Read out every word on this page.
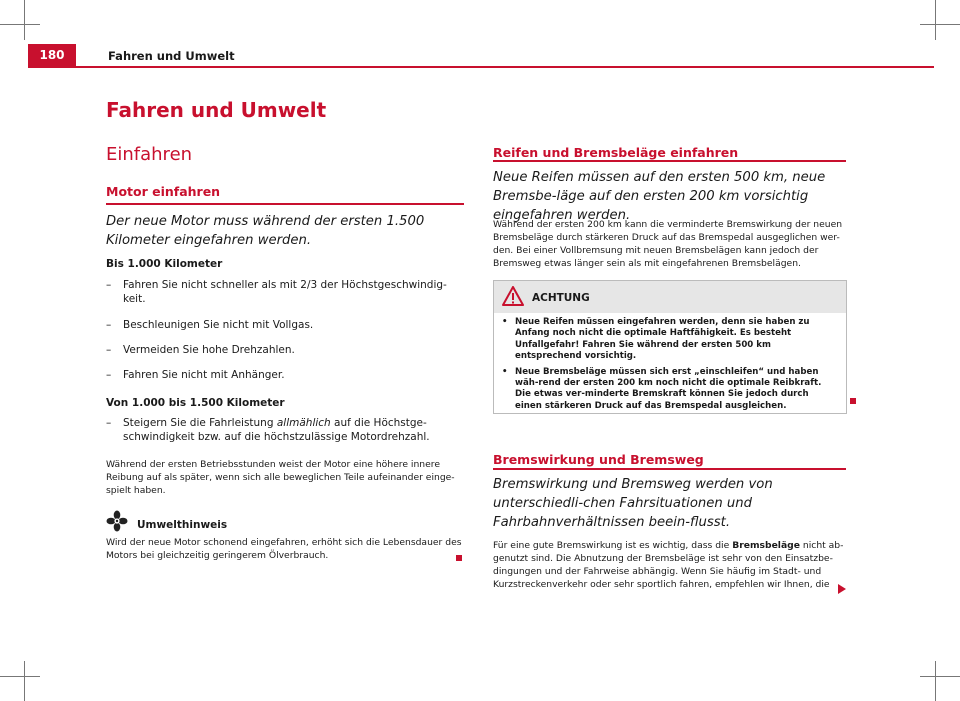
180	Fahren und Umwelt
Fahren und Umwelt
Einfahren
Motor einfahren
Der neue Motor muss während der ersten 1.500 Kilometer eingefahren werden.
Bis 1.000 Kilometer
–	Fahren Sie nicht schneller als mit 2/3 der Höchstgeschwindig-keit.
–	Beschleunigen Sie nicht mit Vollgas.
–	Vermeiden Sie hohe Drehzahlen.
–	Fahren Sie nicht mit Anhänger.
Von 1.000 bis 1.500 Kilometer
–	Steigern Sie die Fahrleistung allmählich auf die Höchstge-schwindigkeit bzw. auf die höchstzulässige Motordrehzahl.
Während der ersten Betriebsstunden weist der Motor eine höhere innere Reibung auf als später, wenn sich alle beweglichen Teile aufeinander einge-spielt haben.
Umwelthinweis
Wird der neue Motor schonend eingefahren, erhöht sich die Lebensdauer des Motors bei gleichzeitig geringerem Ölverbrauch.
Reifen und Bremsbeläge einfahren
Neue Reifen müssen auf den ersten 500 km, neue Bremsbe-läge auf den ersten 200 km vorsichtig eingefahren werden.
Während der ersten 200 km kann die verminderte Bremswirkung der neuen Bremsbeläge durch stärkeren Druck auf das Bremspedal ausgeglichen wer-den. Bei einer Vollbremsung mit neuen Bremsbelägen kann jedoch der Bremsweg etwas länger sein als mit eingefahrenen Bremsbelägen.
ACHTUNG
• Neue Reifen müssen eingefahren werden, denn sie haben zu Anfang noch nicht die optimale Haftfähigkeit. Es besteht Unfallgefahr! Fahren Sie während der ersten 500 km entsprechend vorsichtig.
• Neue Bremsbeläge müssen sich erst „einschleifen“ und haben wäh-rend der ersten 200 km noch nicht die optimale Reibkraft. Die etwas ver-minderte Bremskraft können Sie jedoch durch einen stärkeren Druck auf das Bremspedal ausgleichen.
Bremswirkung und Bremsweg
Bremswirkung und Bremsweg werden von unterschiedli-chen Fahrsituationen und Fahrbahnverhältnissen beein-flusst.
Für eine gute Bremswirkung ist es wichtig, dass die Bremsbeläge nicht ab-genutzt sind. Die Abnutzung der Bremsbeläge ist sehr von den Einsatzbe-dingungen und der Fahrweise abhängig. Wenn Sie häufig im Stadt- und Kurzstreckenverkehr oder sehr sportlich fahren, empfehlen wir Ihnen, die
